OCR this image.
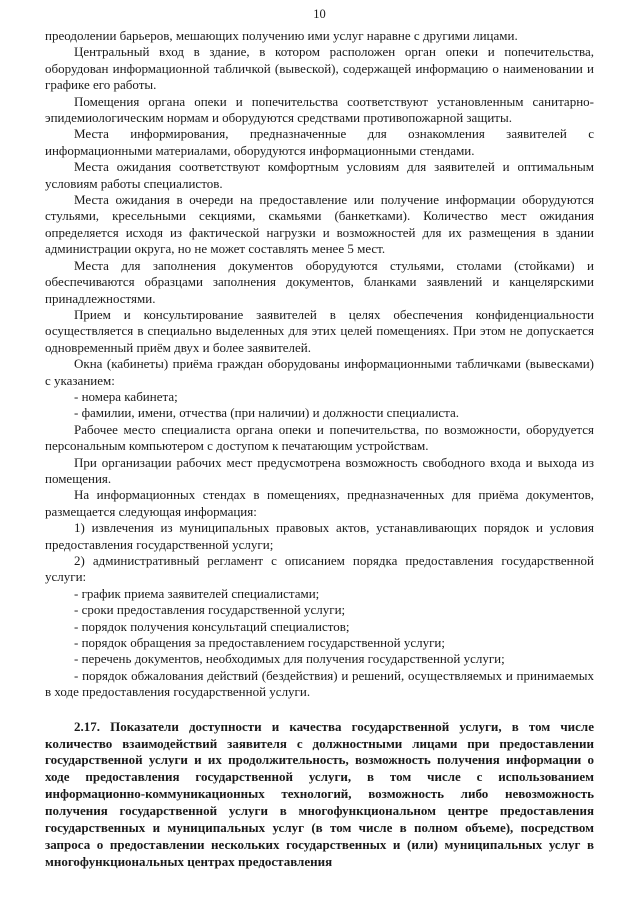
10

преодолении барьеров, мешающих получению ими услуг наравне с другими лицами.

Центральный вход в здание, в котором расположен орган опеки и попечительства, оборудован информационной табличкой (вывеской), содержащей информацию о наименовании и графике его работы.

Помещения органа опеки и попечительства соответствуют установленным санитарно-эпидемиологическим нормам и оборудуются средствами противопожарной защиты.

Места информирования, предназначенные для ознакомления заявителей с информационными материалами, оборудуются информационными стендами.

Места ожидания соответствуют комфортным условиям для заявителей и оптимальным условиям работы специалистов.

Места ожидания в очереди на предоставление или получение информации оборудуются стульями, кресельными секциями, скамьями (банкетками). Количество мест ожидания определяется исходя из фактической нагрузки и возможностей для их размещения в здании администрации округа, но не может составлять менее 5 мест.

Места для заполнения документов оборудуются стульями, столами (стойками) и обеспечиваются образцами заполнения документов, бланками заявлений и канцелярскими принадлежностями.

Прием и консультирование заявителей в целях обеспечения конфиденциальности осуществляется в специально выделенных для этих целей помещениях. При этом не допускается одновременный приём двух и более заявителей.

Окна (кабинеты) приёма граждан оборудованы информационными табличками (вывесками) с указанием:

- номера кабинета;

- фамилии, имени, отчества (при наличии) и должности специалиста.

Рабочее место специалиста органа опеки и попечительства, по возможности, оборудуется персональным компьютером с доступом к печатающим устройствам.

При организации рабочих мест предусмотрена возможность свободного входа и выхода из помещения.

На информационных стендах в помещениях, предназначенных для приёма документов, размещается следующая информация:

1) извлечения из муниципальных правовых актов, устанавливающих порядок и условия предоставления государственной услуги;

2) административный регламент с описанием порядка предоставления государственной услуги:

- график приема заявителей специалистами;

- сроки предоставления государственной услуги;

- порядок получения консультаций специалистов;

- порядок обращения за предоставлением государственной услуги;

- перечень документов, необходимых для получения государственной услуги;

- порядок обжалования действий (бездействия) и решений, осуществляемых и принимаемых в ходе предоставления государственной услуги.

2.17. Показатели доступности и качества государственной услуги, в том числе количество взаимодействий заявителя с должностными лицами при предоставлении государственной услуги и их продолжительность, возможность получения информации о ходе предоставления государственной услуги, в том числе с использованием информационно-коммуникационных технологий, возможность либо невозможность получения государственной услуги в многофункциональном центре предоставления государственных и муниципальных услуг (в том числе в полном объеме), посредством запроса о предоставлении нескольких государственных и (или) муниципальных услуг в многофункциональных центрах предоставления
